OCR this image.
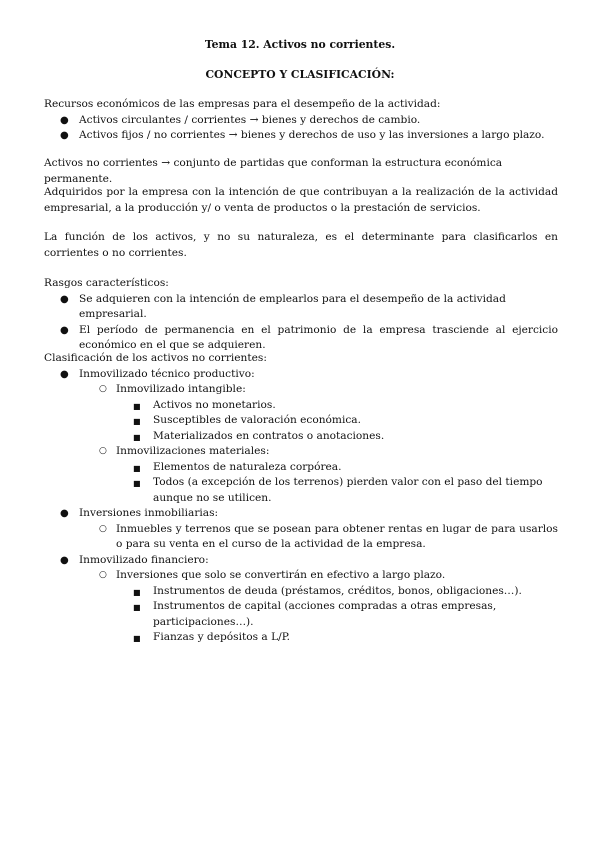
Tema 12. Activos no corrientes.
CONCEPTO Y CLASIFICACIÓN:
Recursos económicos de las empresas para el desempeño de la actividad:
● Activos circulantes / corrientes → bienes y derechos de cambio.
● Activos fijos / no corrientes → bienes y derechos de uso y las inversiones a largo plazo.
Activos no corrientes → conjunto de partidas que conforman la estructura económica permanente.
Adquiridos por la empresa con la intención de que contribuyan a la realización de la actividad empresarial, a la producción y/ o venta de productos o la prestación de servicios.
La función de los activos, y no su naturaleza, es el determinante para clasificarlos en corrientes o no corrientes.
Rasgos característicos:
● Se adquieren con la intención de emplearlos para el desempeño de la actividad empresarial.
● El período de permanencia en el patrimonio de la empresa trasciende al ejercicio económico en el que se adquieren.
Clasificación de los activos no corrientes:
● Inmovilizado técnico productivo:
○ Inmovilizado intangible:
■ Activos no monetarios.
■ Susceptibles de valoración económica.
■ Materializados en contratos o anotaciones.
○ Inmovilizaciones materiales:
■ Elementos de naturaleza corpórea.
■ Todos (a excepción de los terrenos) pierden valor con el paso del tiempo aunque no se utilicen.
● Inversiones inmobiliarias:
○ Inmuebles y terrenos que se posean para obtener rentas en lugar de para usarlos o para su venta en el curso de la actividad de la empresa.
● Inmovilizado financiero:
○ Inversiones que solo se convertirán en efectivo a largo plazo.
■ Instrumentos de deuda (préstamos, créditos, bonos, obligaciones…).
■ Instrumentos de capital (acciones compradas a otras empresas, participaciones…).
■ Fianzas y depósitos a L/P.
